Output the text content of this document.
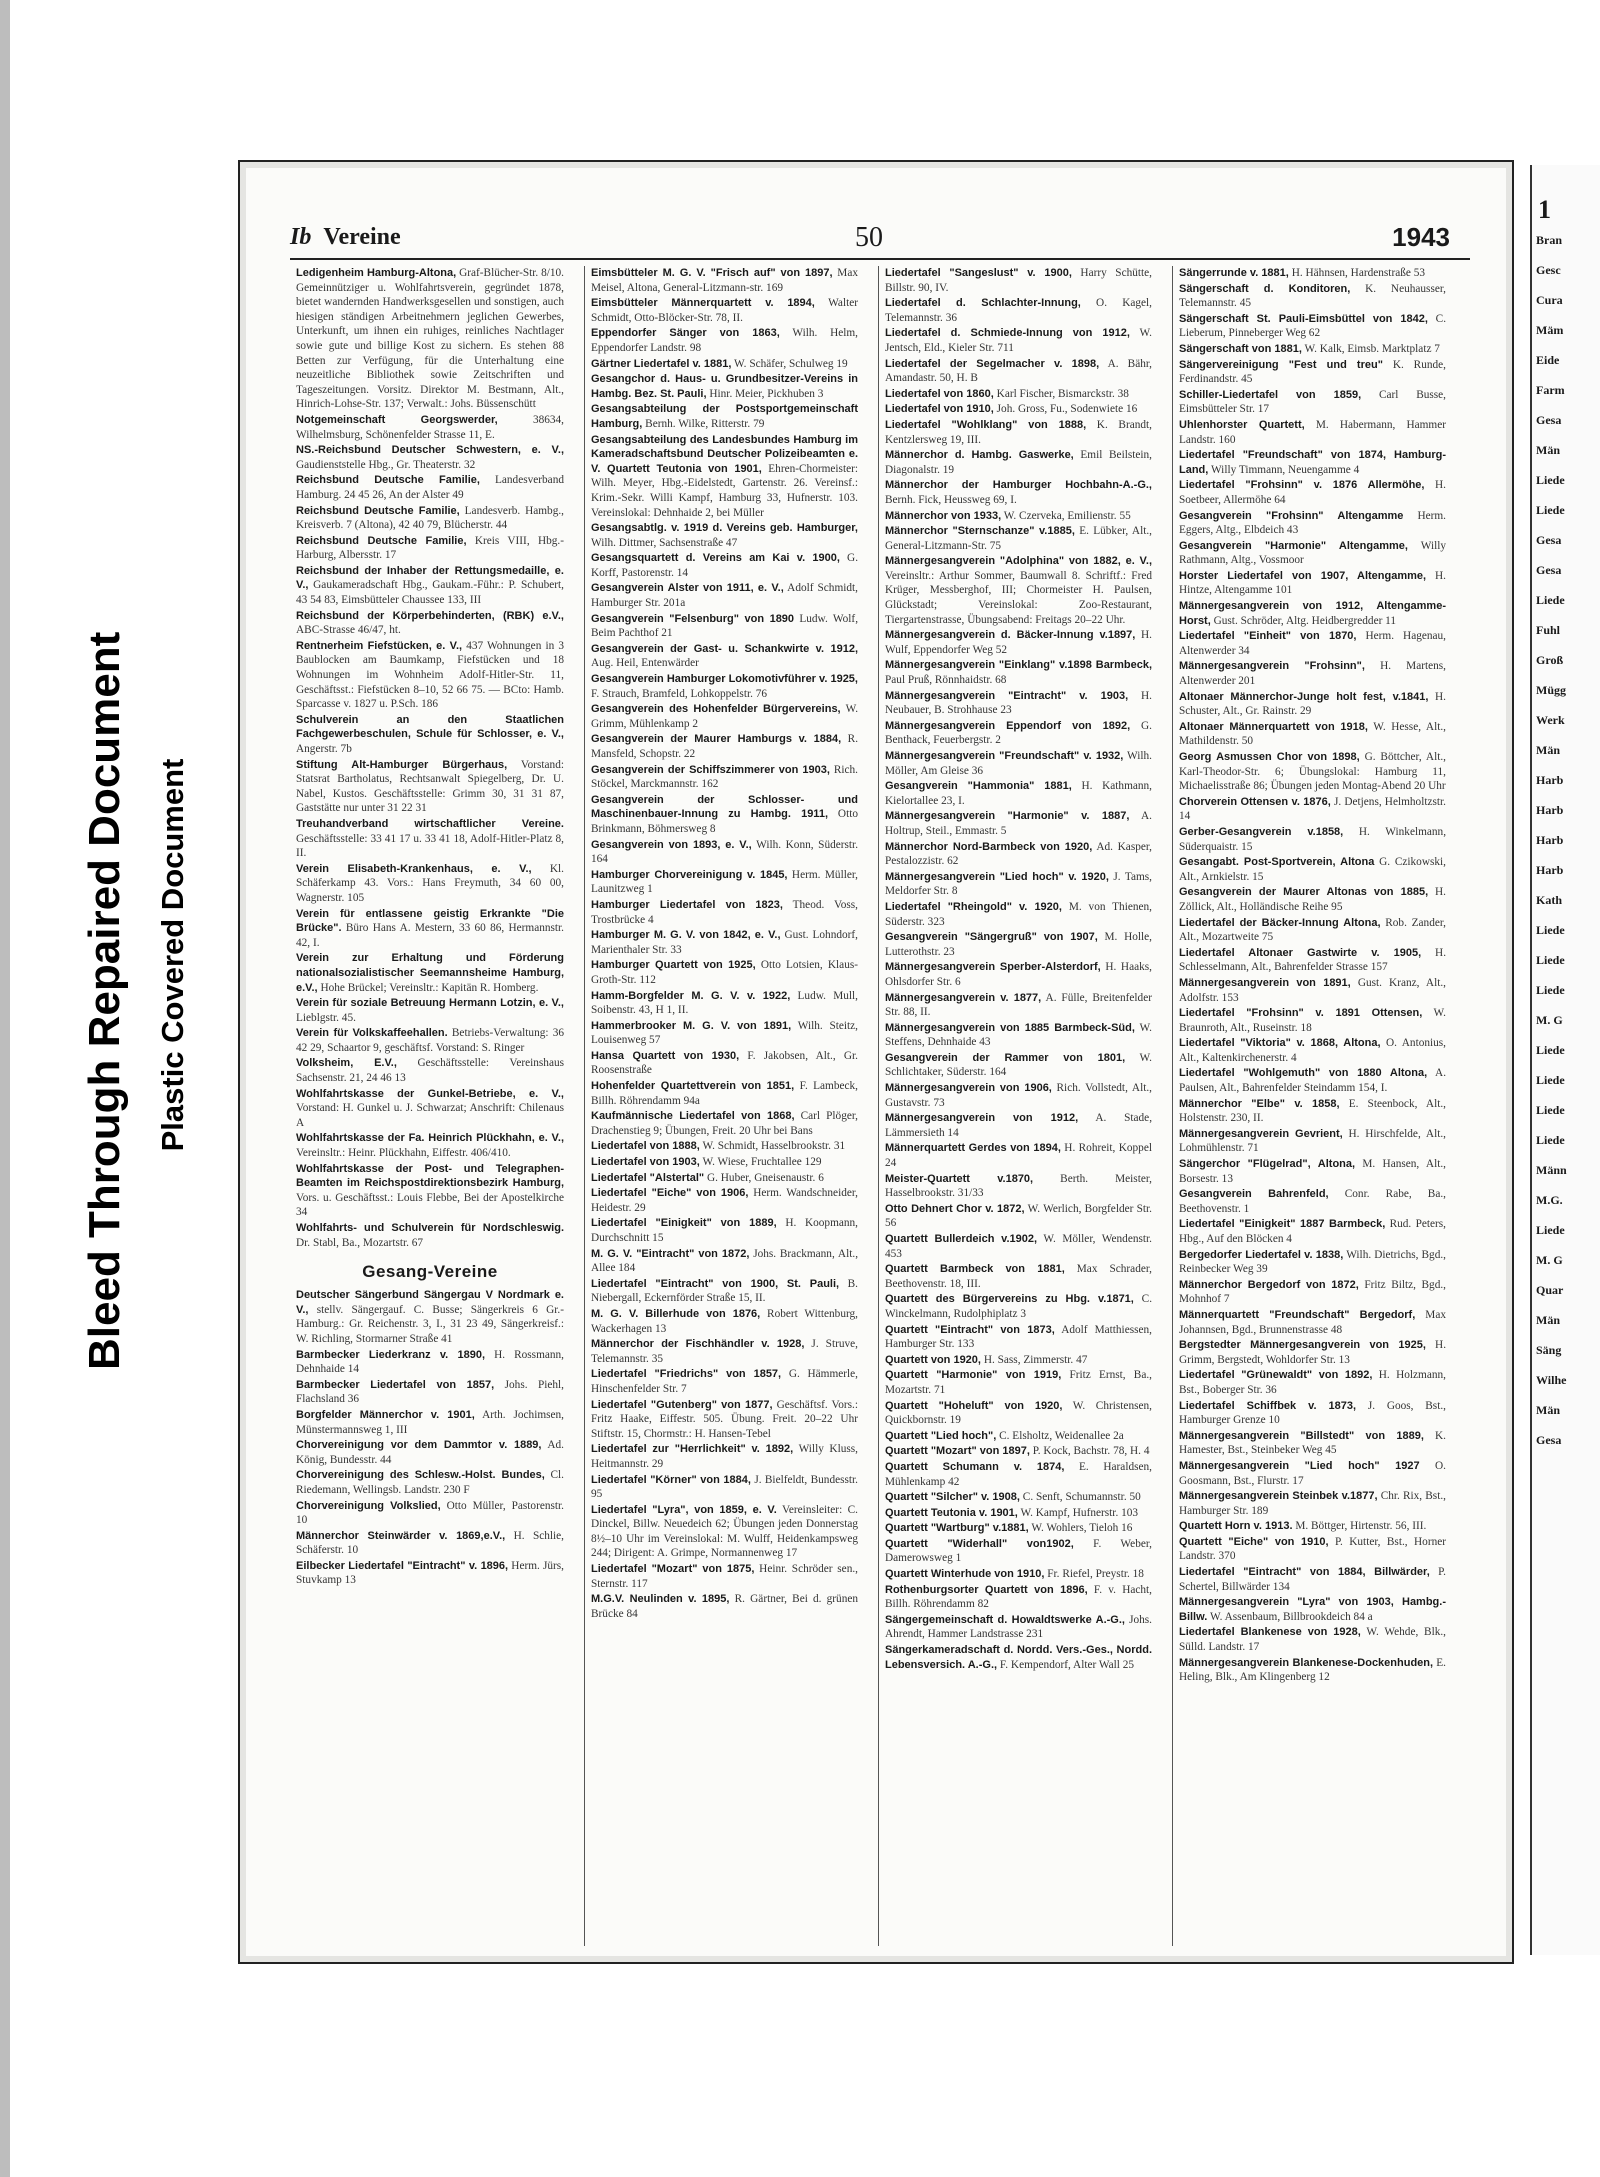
Bleed Through Repaired Document Plastic Covered Document
1
Bran
Gesc
Cura
Mäm
Eide
Farm
Gesa
Män
Liede
Liede
Gesa
Gesa
Liede
Fuhl
Groß
Mügg
Werk
Män
Harb
Harb
Harb
Harb
Kath
Liede
Liede
Liede
M. G
Liede
Liede
Liede
Liede
Männ
M.G.
Liede
M. G
Quar
Män
Säng
Wilhe
Män
Gesa
Ib Vereine	50	1943
Ledigenheim Hamburg-Altona, Graf-Blücher-Str. 8/10. Gemeinnütziger u. Wohlfahrtsverein, gegründet 1878, bietet wandernden Handwerksgesellen und sonstigen, auch hiesigen ständigen Arbeitnehmern jeglichen Gewerbes, Unterkunft, um ihnen ein ruhiges, reinliches Nachtlager sowie gute und billige Kost zu sichern. Es stehen 88 Betten zur Verfügung, für die Unterhaltung eine neuzeitliche Bibliothek sowie Zeitschriften und Tageszeitungen. Vorsitz. Direktor M. Bestmann, Alt., Hinrich-Lohse-Str. 137; Verwalt.: Johs. Büssenschütt
Notgemeinschaft Georgswerder,	38634, Wilhelmsburg, Schönenfelder Strasse 11, E.
NS.-Reichsbund Deutscher Schwestern, e. V., Gaudienststelle Hbg., Gr. Theaterstr. 32
Reichsbund Deutsche Familie, Landesverband Hamburg. 24 45 26, An der Alster 49
Reichsbund Deutsche Familie, Landesverb. Hambg., Kreisverb. 7 (Altona), 42 40 79, Blücherstr. 44
Reichsbund Deutsche Familie, Kreis VIII, Hbg.-Harburg, Albersstr. 17
Reichsbund der Inhaber der Rettungsmedaille, e. V., Gaukameradschaft Hbg., Gaukam.-Führ.: P. Schubert, 43 54 83, Eimsbütteler Chaussee 133, III
Reichsbund der Körperbehinderten, (RBK) e.V., ABC-Strasse 46/47, ht.
Rentnerheim Fiefstücken, e. V., 437 Wohnungen in 3 Baublocken am Baumkamp, Fiefstücken und 18 Wohnungen im Wohnheim Adolf-Hitler-Str. 11, Geschäftsst.: Fiefstücken 8–10, 52 66 75. — BCto: Hamb. Sparcasse v. 1827 u. P.Sch. 186
Schulverein an den Staatlichen Fachgewerbeschulen, Schule für Schlosser, e. V., Angerstr. 7b
Stiftung Alt-Hamburger Bürgerhaus, Vorstand: Statsrat Bartholatus, Rechtsanwalt Spiegelberg, Dr. U. Nabel, Kustos. Geschäftsstelle: Grimm 30, 31 31 87, Gaststätte nur unter 31 22 31
Treuhandverband wirtschaftlicher Vereine. Geschäftsstelle: 33 41 17 u. 33 41 18, Adolf-Hitler-Platz 8, II.
Verein Elisabeth-Krankenhaus, e. V., Kl. Schäferkamp 43. Vors.: Hans Freymuth, 34 60 00, Wagnerstr. 105
Verein für entlassene geistig Erkrankte "Die Brücke". Büro Hans A. Mestern, 33 60 86, Hermannstr. 42, I.
Verein zur Erhaltung und Förderung nationalsozialistischer Seemannsheime Hamburg, e.V., Hohe Brückel; Vereinsltr.: Kapitän R. Homberg.
Verein für soziale Betreuung Hermann Lotzin, e. V., Lieblgstr. 45.
Verein für Volkskaffeehallen. Betriebs-Verwaltung: 36 42 29, Schaartor 9, geschäftsf. Vorstand: S. Ringer
Volksheim, E.V., Geschäftsstelle: Vereinshaus Sachsenstr. 21, 24 46 13
Wohlfahrtskasse der Gunkel-Betriebe, e. V., Vorstand: H. Gunkel u. J. Schwarzat; Anschrift: Chilenaus A
Wohlfahrtskasse der Fa. Heinrich Plückhahn, e. V., Vereinsltr.: Heinr. Plückhahn, Eiffestr. 406/410.
Wohlfahrtskasse der Post- und Telegraphen-Beamten im Reichspostdirektionsbezirk Hamburg, Vors. u. Geschäftsst.: Louis Flebbe, Bei der Apostelkirche 34
Wohlfahrts- und Schulverein für Nordschleswig. Dr. Stabl, Ba., Mozartstr. 67
Gesang-Vereine
Deutscher Sängerbund Sängergau V Nordmark e. V., stellv. Sängergauf. C. Busse; Sängerkreis 6 Gr.-Hamburg.: Gr. Reichenstr. 3, I., 31 23 49, Sängerkreisf.: W. Richling, Stormarner Straße 41
Barmbecker Liederkranz v. 1890, H. Rossmann, Dehnhaide 14
Barmbecker Liedertafel von 1857, Johs. Piehl, Flachsland 36
Borgfelder Männerchor v. 1901, Arth. Jochimsen, Münstermannsweg 1, III
Chorvereinigung vor dem Dammtor v. 1889, Ad. König, Bundesstr. 44
Chorvereinigung des Schlesw.-Holst. Bundes, Cl. Riedemann, Wellingsb. Landstr. 230 F
Chorvereinigung Volkslied, Otto Müller, Pastorenstr. 10
Männerchor Steinwärder v. 1869,e.V., H. Schlie, Schäferstr. 10
Eilbecker Liedertafel "Eintracht" v. 1896, Herm. Jürs, Stuvkamp 13
Eimsbütteler M. G. V. "Frisch auf" von 1897, Max Meisel, Altona, General-Litzmann-str. 169
Eimsbütteler Männerquartett v. 1894, Walter Schmidt, Otto-Blöcker-Str. 78, II.
Eppendorfer Sänger von 1863, Wilh. Helm, Eppendorfer Landstr. 98
Gärtner Liedertafel v. 1881, W. Schäfer, Schulweg 19
Gesangchor d. Haus- u. Grundbesitzer-Vereins in Hambg. Bez. St. Pauli, Hinr. Meier, Pickhuben 3
Gesangsabteilung der Postsportgemeinschaft Hamburg, Bernh. Wilke, Ritterstr. 79
Gesangsabteilung des Landesbundes Hamburg im Kameradschaftsbund Deutscher Polizeibeamten e. V. Quartett Teutonia von 1901, Ehren-Chormeister: Wilh. Meyer, Hbg.-Eidelstedt, Gartenstr. 26. Vereinsf.: Krim.-Sekr. Willi Kampf, Hamburg 33, Hufnerstr. 103. Vereinslokal: Dehnhaide 2, bei Müller
Gesangsabtlg. v. 1919 d. Vereins geb. Hamburger, Wilh. Dittmer, Sachsenstraße 47
Gesangsquartett d. Vereins am Kai v. 1900, G. Korff, Pastorenstr. 14
Gesangverein Alster von 1911, e. V., Adolf Schmidt, Hamburger Str. 201a
Gesangverein "Felsenburg" von 1890 Ludw. Wolf, Beim Pachthof 21
Gesangverein der Gast- u. Schankwirte v. 1912, Aug. Heil, Entenwärder
Gesangverein Hamburger Lokomotivführer v. 1925, F. Strauch, Bramfeld, Lohkoppelstr. 76
Gesangverein des Hohenfelder Bürgervereins, W. Grimm, Mühlenkamp 2
Gesangverein der Maurer Hamburgs v. 1884, R. Mansfeld, Schopstr. 22
Gesangverein der Schiffszimmerer von 1903, Rich. Stöckel, Marckmannstr. 162
Gesangverein der Schlosser- und Maschinenbauer-Innung zu Hambg. 1911, Otto Brinkmann, Böhmersweg 8
Gesangverein von 1893, e. V., Wilh. Konn, Süderstr. 164
Hamburger Chorvereinigung v. 1845, Herm. Müller, Launitzweg 1
Hamburger Liedertafel von 1823, Theod. Voss, Trostbrücke 4
Hamburger M. G. V. von 1842, e. V., Gust. Lohndorf, Marienthaler Str. 33
Hamburger Quartett von 1925, Otto Lotsien, Klaus-Groth-Str. 112
Hamm-Borgfelder M. G. V. v. 1922, Ludw. Mull, Soibenstr. 43, H 1, II.
Hammerbrooker M. G. V. von 1891, Wilh. Steitz, Louisenweg 57
Hansa Quartett von 1930, F. Jakobsen, Alt., Gr. Roosenstraße
Hohenfelder Quartettverein von 1851, F. Lambeck, Billh. Röhrendamm 94a
Kaufmännische Liedertafel von 1868, Carl Plöger, Drachenstieg 9; Übungen, Freit. 20 Uhr bei Bans
Liedertafel von 1888, W. Schmidt, Hasselbrookstr. 31
Liedertafel von 1903, W. Wiese, Fruchtallee 129
Liedertafel "Alstertal" G. Huber, Gneisenaustr. 6
Liedertafel "Eiche" von 1906, Herm. Wandschneider, Heidestr. 29
Liedertafel "Einigkeit" von 1889, H. Koopmann, Durchschnitt 15
M. G. V. "Eintracht" von 1872, Johs. Brackmann, Alt., Allee 184
Liedertafel "Eintracht" von 1900, St. Pauli, B. Niebergall, Eckernförder Straße 15, II.
M. G. V. Billerhude von 1876, Robert Wittenburg, Wackerhagen 13
Männerchor der Fischhändler v. 1928, J. Struve, Telemannstr. 35
Liedertafel "Friedrichs" von 1857, G. Hämmerle, Hinschenfelder Str. 7
Liedertafel "Gutenberg" von 1877, Geschäftsf. Vors.: Fritz Haake, Eiffestr. 505. Übung. Freit. 20–22 Uhr Stiftstr. 15, Chormstr.: H. Hansen-Tebel
Liedertafel zur "Herrlichkeit" v. 1892, Willy Kluss, Heitmannstr. 29
Liedertafel "Körner" von 1884, J. Bielfeldt, Bundesstr. 95
Liedertafel "Lyra", von 1859, e. V. Vereinsleiter: C. Dinckel, Billw. Neuedeich 62; Übungen jeden Donnerstag 8½–10 Uhr im Vereinslokal: M. Wulff, Heidenkampsweg 244; Dirigent: A. Grimpe, Normannenweg 17
Liedertafel "Mozart" von 1875, Heinr. Schröder sen., Sternstr. 117
M.G.V. Neulinden v. 1895, R. Gärtner, Bei d. grünen Brücke 84
Liedertafel "Sangeslust" v. 1900, Harry Schütte, Billstr. 90, IV.
Liedertafel d. Schlachter-Innung, O. Kagel, Telemannstr. 36
Liedertafel d. Schmiede-Innung von 1912, W. Jentsch, Eld., Kieler Str. 711
Liedertafel der Segelmacher v. 1898, A. Bähr, Amandastr. 50, H. B
Liedertafel von 1860, Karl Fischer, Bismarckstr. 38
Liedertafel von 1910, Joh. Gross, Fu., Sodenwiete 16
Liedertafel "Wohlklang" von 1888, K. Brandt, Kentzlersweg 19, III.
Männerchor d. Hambg. Gaswerke, Emil Beilstein, Diagonalstr. 19
Männerchor der Hamburger Hochbahn-A.-G., Bernh. Fick, Heussweg 69, I.
Männerchor von 1933, W. Czerveka, Emilienstr. 55
Männerchor "Sternschanze" v.1885, E. Lübker, Alt., General-Litzmann-Str. 75
Männergesangverein "Adolphina" von 1882, e. V., Vereinsltr.: Arthur Sommer, Baumwall 8. Schriftf.: Fred Krüger, Messberghof, III; Chormeister H. Paulsen, Glückstadt; Vereinslokal: Zoo-Restaurant, Tiergartenstrasse, Übungsabend: Freitags 20–22 Uhr.
Männergesangverein d. Bäcker-Innung v.1897, H. Wulf, Eppendorfer Weg 52
Männergesangverein "Einklang" v.1898 Barmbeck, Paul Pruß, Rönnhaidstr. 68
Männergesangverein "Eintracht" v. 1903, H. Neubauer, B. Strohhause 23
Männergesangverein Eppendorf von 1892, G. Benthack, Feuerbergstr. 2
Männergesangverein "Freundschaft" v. 1932, Wilh. Möller, Am Gleise 36
Gesangverein "Hammonia" 1881, H. Kathmann, Kielortallee 23, I.
Männergesangverein "Harmonie" v. 1887, A. Holtrup, Steil., Emmastr. 5
Männerchor Nord-Barmbeck von 1920, Ad. Kasper, Pestalozzistr. 62
Männergesangverein "Lied hoch" v. 1920, J. Tams, Meldorfer Str. 8
Liedertafel "Rheingold" v. 1920, M. von Thienen, Süderstr. 323
Gesangverein "Sängergruß" von 1907, M. Holle, Lutterothstr. 23
Männergesangverein Sperber-Alsterdorf, H. Haaks, Ohlsdorfer Str. 6
Männergesangverein v. 1877, A. Fülle, Breitenfelder Str. 88, II.
Männergesangverein von 1885 Barmbeck-Süd, W. Steffens, Dehnhaide 43
Gesangverein der Rammer von 1801, W. Schlichtaker, Süderstr. 164
Männergesangverein von 1906, Rich. Vollstedt, Alt., Gustavstr. 73
Männergesangverein von 1912, A. Stade, Lämmersieth 14
Männerquartett Gerdes von 1894, H. Rohreit, Koppel 24
Meister-Quartett v.1870, Berth. Meister, Hasselbrookstr. 31/33
Otto Dehnert Chor v. 1872, W. Werlich, Borgfelder Str. 56
Quartett Bullerdeich v.1902, W. Möller, Wendenstr. 453
Quartett Barmbeck von 1881, Max Schrader, Beethovenstr. 18, III.
Quartett des Bürgervereins zu Hbg. v.1871, C. Winckelmann, Rudolphiplatz 3
Quartett "Eintracht" von 1873, Adolf Matthiessen, Hamburger Str. 133
Quartett von 1920, H. Sass, Zimmerstr. 47
Quartett "Harmonie" von 1919, Fritz Ernst, Ba., Mozartstr. 71
Quartett "Hoheluft" von 1920, W. Christensen, Quickbornstr. 19
Quartett "Lied hoch", C. Elsholtz, Weidenallee 2a
Quartett "Mozart" von 1897, P. Kock, Bachstr. 78, H. 4
Quartett Schumann v. 1874, E. Haraldsen, Mühlenkamp 42
Quartett "Silcher" v. 1908, C. Senft, Schumannstr. 50
Quartett Teutonia v. 1901, W. Kampf, Hufnerstr. 103
Quartett "Wartburg" v.1881, W. Wohlers, Tieloh 16
Quartett "Widerhall" von1902, F. Weber, Damerowsweg 1
Quartett Winterhude von 1910, Fr. Riefel, Preystr. 18
Rothenburgsorter Quartett von 1896, F. v. Hacht, Billh. Röhrendamm 82
Sängergemeinschaft d. Howaldtswerke A.-G., Johs. Ahrendt, Hammer Landstrasse 231
Sängerkameradschaft d. Nordd. Vers.-Ges., Nordd. Lebensversich. A.-G., F. Kempendorf, Alter Wall 25
Sängerrunde v. 1881, H. Hähnsen, Hardenstraße 53
Sängerschaft d. Konditoren, K. Neuhausser, Telemannstr. 45
Sängerschaft St. Pauli-Eimsbüttel von 1842, C. Lieberum, Pinneberger Weg 62
Sängerschaft von 1881, W. Kalk, Eimsb. Marktplatz 7
Sängervereinigung "Fest und treu" K. Runde, Ferdinandstr. 45
Schiller-Liedertafel von 1859, Carl Busse, Eimsbütteler Str. 17
Uhlenhorster Quartett, M. Habermann, Hammer Landstr. 160
Liedertafel "Freundschaft" von 1874, Hamburg-Land, Willy Timmann, Neuengamme 4
Liedertafel "Frohsinn" v. 1876 Allermöhe, H. Soetbeer, Allermöhe 64
Gesangverein "Frohsinn" Altengamme Herm. Eggers, Altg., Elbdeich 43
Gesangverein "Harmonie" Altengamme, Willy Rathmann, Altg., Vossmoor
Horster Liedertafel von 1907, Altengamme, H. Hintze, Altengamme 101
Männergesangverein von 1912, Altengamme-Horst, Gust. Schröder, Altg. Heidbergredder 11
Liedertafel "Einheit" von 1870, Herm. Hagenau, Altenwerder 34
Männergesangverein "Frohsinn", H. Martens, Altenwerder 201
Altonaer Männerchor-Junge holt fest, v.1841, H. Schuster, Alt., Gr. Rainstr. 29
Altonaer Männerquartett von 1918, W. Hesse, Alt., Mathildenstr. 50
Georg Asmussen Chor von 1898, G. Böttcher, Alt., Karl-Theodor-Str. 6; Übungslokal: Hamburg 11, Michaelisstraße 86; Übungen jeden Montag-Abend 20 Uhr
Chorverein Ottensen v. 1876, J. Detjens, Helmholtzstr. 14
Gerber-Gesangverein v.1858, H. Winkelmann, Süderquaistr. 15
Gesangabt. Post-Sportverein, Altona G. Czikowski, Alt., Arnkielstr. 15
Gesangverein der Maurer Altonas von 1885, H. Zöllick, Alt., Holländische Reihe 95
Liedertafel der Bäcker-Innung Altona, Rob. Zander, Alt., Mozartweite 75
Liedertafel Altonaer Gastwirte v. 1905, H. Schlesselmann, Alt., Bahrenfelder Strasse 157
Männergesangverein von 1891, Gust. Kranz, Alt., Adolfstr. 153
Liedertafel "Frohsinn" v. 1891 Ottensen, W. Braunroth, Alt., Ruseinstr. 18
Liedertafel "Viktoria" v. 1868, Altona, O. Antonius, Alt., Kaltenkirchenerstr. 4
Liedertafel "Wohlgemuth" von 1880 Altona, A. Paulsen, Alt., Bahrenfelder Steindamm 154, I.
Männerchor "Elbe" v. 1858, E. Steenbock, Alt., Holstenstr. 230, II.
Männergesangverein Gevrient, H. Hirschfelde, Alt., Lohmühlenstr. 71
Sängerchor "Flügelrad", Altona, M. Hansen, Alt., Borsestr. 13
Gesangverein Bahrenfeld, Conr. Rabe, Ba., Beethovenstr. 1
Liedertafel "Einigkeit" 1887 Barmbeck, Rud. Peters, Hbg., Auf den Blöcken 4
Bergedorfer Liedertafel v. 1838, Wilh. Dietrichs, Bgd., Reinbecker Weg 39
Männerchor Bergedorf von 1872, Fritz Biltz, Bgd., Mohnhof 7
Männerquartett "Freundschaft" Bergedorf, Max Johannsen, Bgd., Brunnenstrasse 48
Bergstedter Männergesangverein von 1925, H. Grimm, Bergstedt, Wohldorfer Str. 13
Liedertafel "Grünewaldt" von 1892, H. Holzmann, Bst., Boberger Str. 36
Liedertafel Schiffbek v. 1873, J. Goos, Bst., Hamburger Grenze 10
Männergesangverein "Billstedt" von 1889, K. Hamester, Bst., Steinbeker Weg 45
Männergesangverein "Lied hoch" 1927 O. Goosmann, Bst., Flurstr. 17
Männergesangverein Steinbek v.1877, Chr. Rix, Bst., Hamburger Str. 189
Quartett Horn v. 1913. M. Böttger, Hirtenstr. 56, III.
Quartett "Eiche" von 1910, P. Kutter, Bst., Horner Landstr. 370
Liedertafel "Eintracht" von 1884, Billwärder, P. Schertel, Billwärder 134
Männergesangverein "Lyra" von 1903, Hambg.-Billw. W. Assenbaum, Billbrookdeich 84 a
Liedertafel Blankenese von 1928, W. Wehde, Blk., Sülld. Landstr. 17
Männergesangverein Blankenese-Dockenhuden, E. Heling, Blk., Am Klingenberg 12
